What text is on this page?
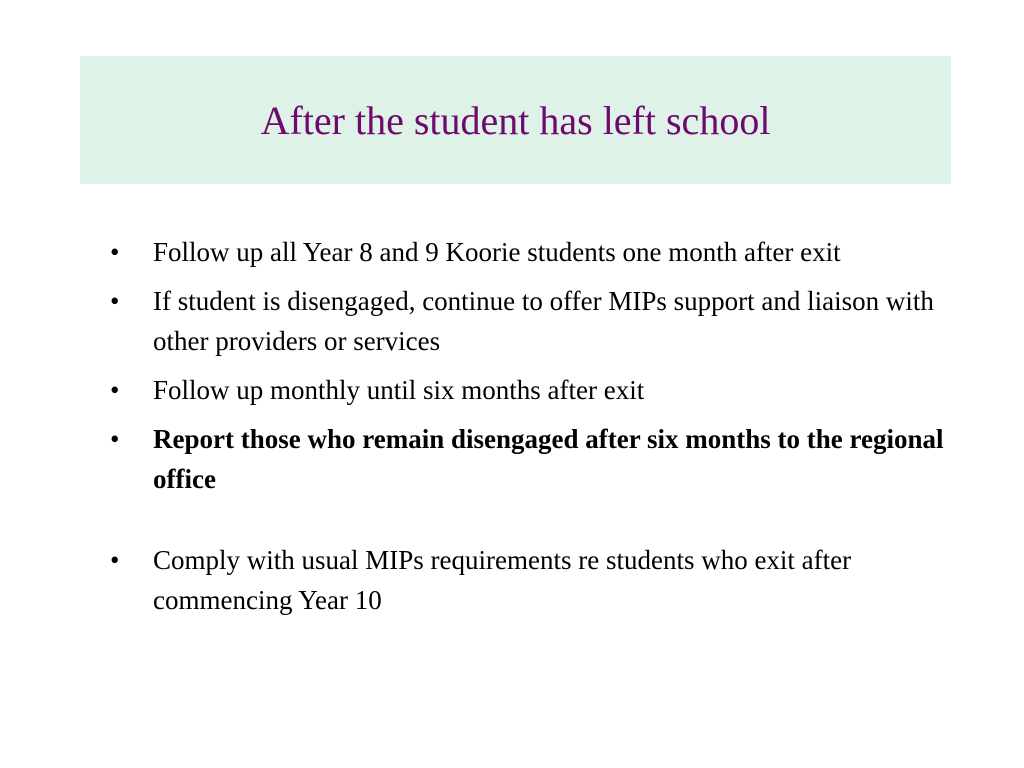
After the student has left school
• Follow up all Year 8 and 9 Koorie students one month after exit
• If student is disengaged, continue to offer MIPs support and liaison with other providers or services
• Follow up monthly until six months after exit
• Report those who remain disengaged after six months to the regional office
• Comply with usual MIPs requirements re students who exit after commencing Year 10
